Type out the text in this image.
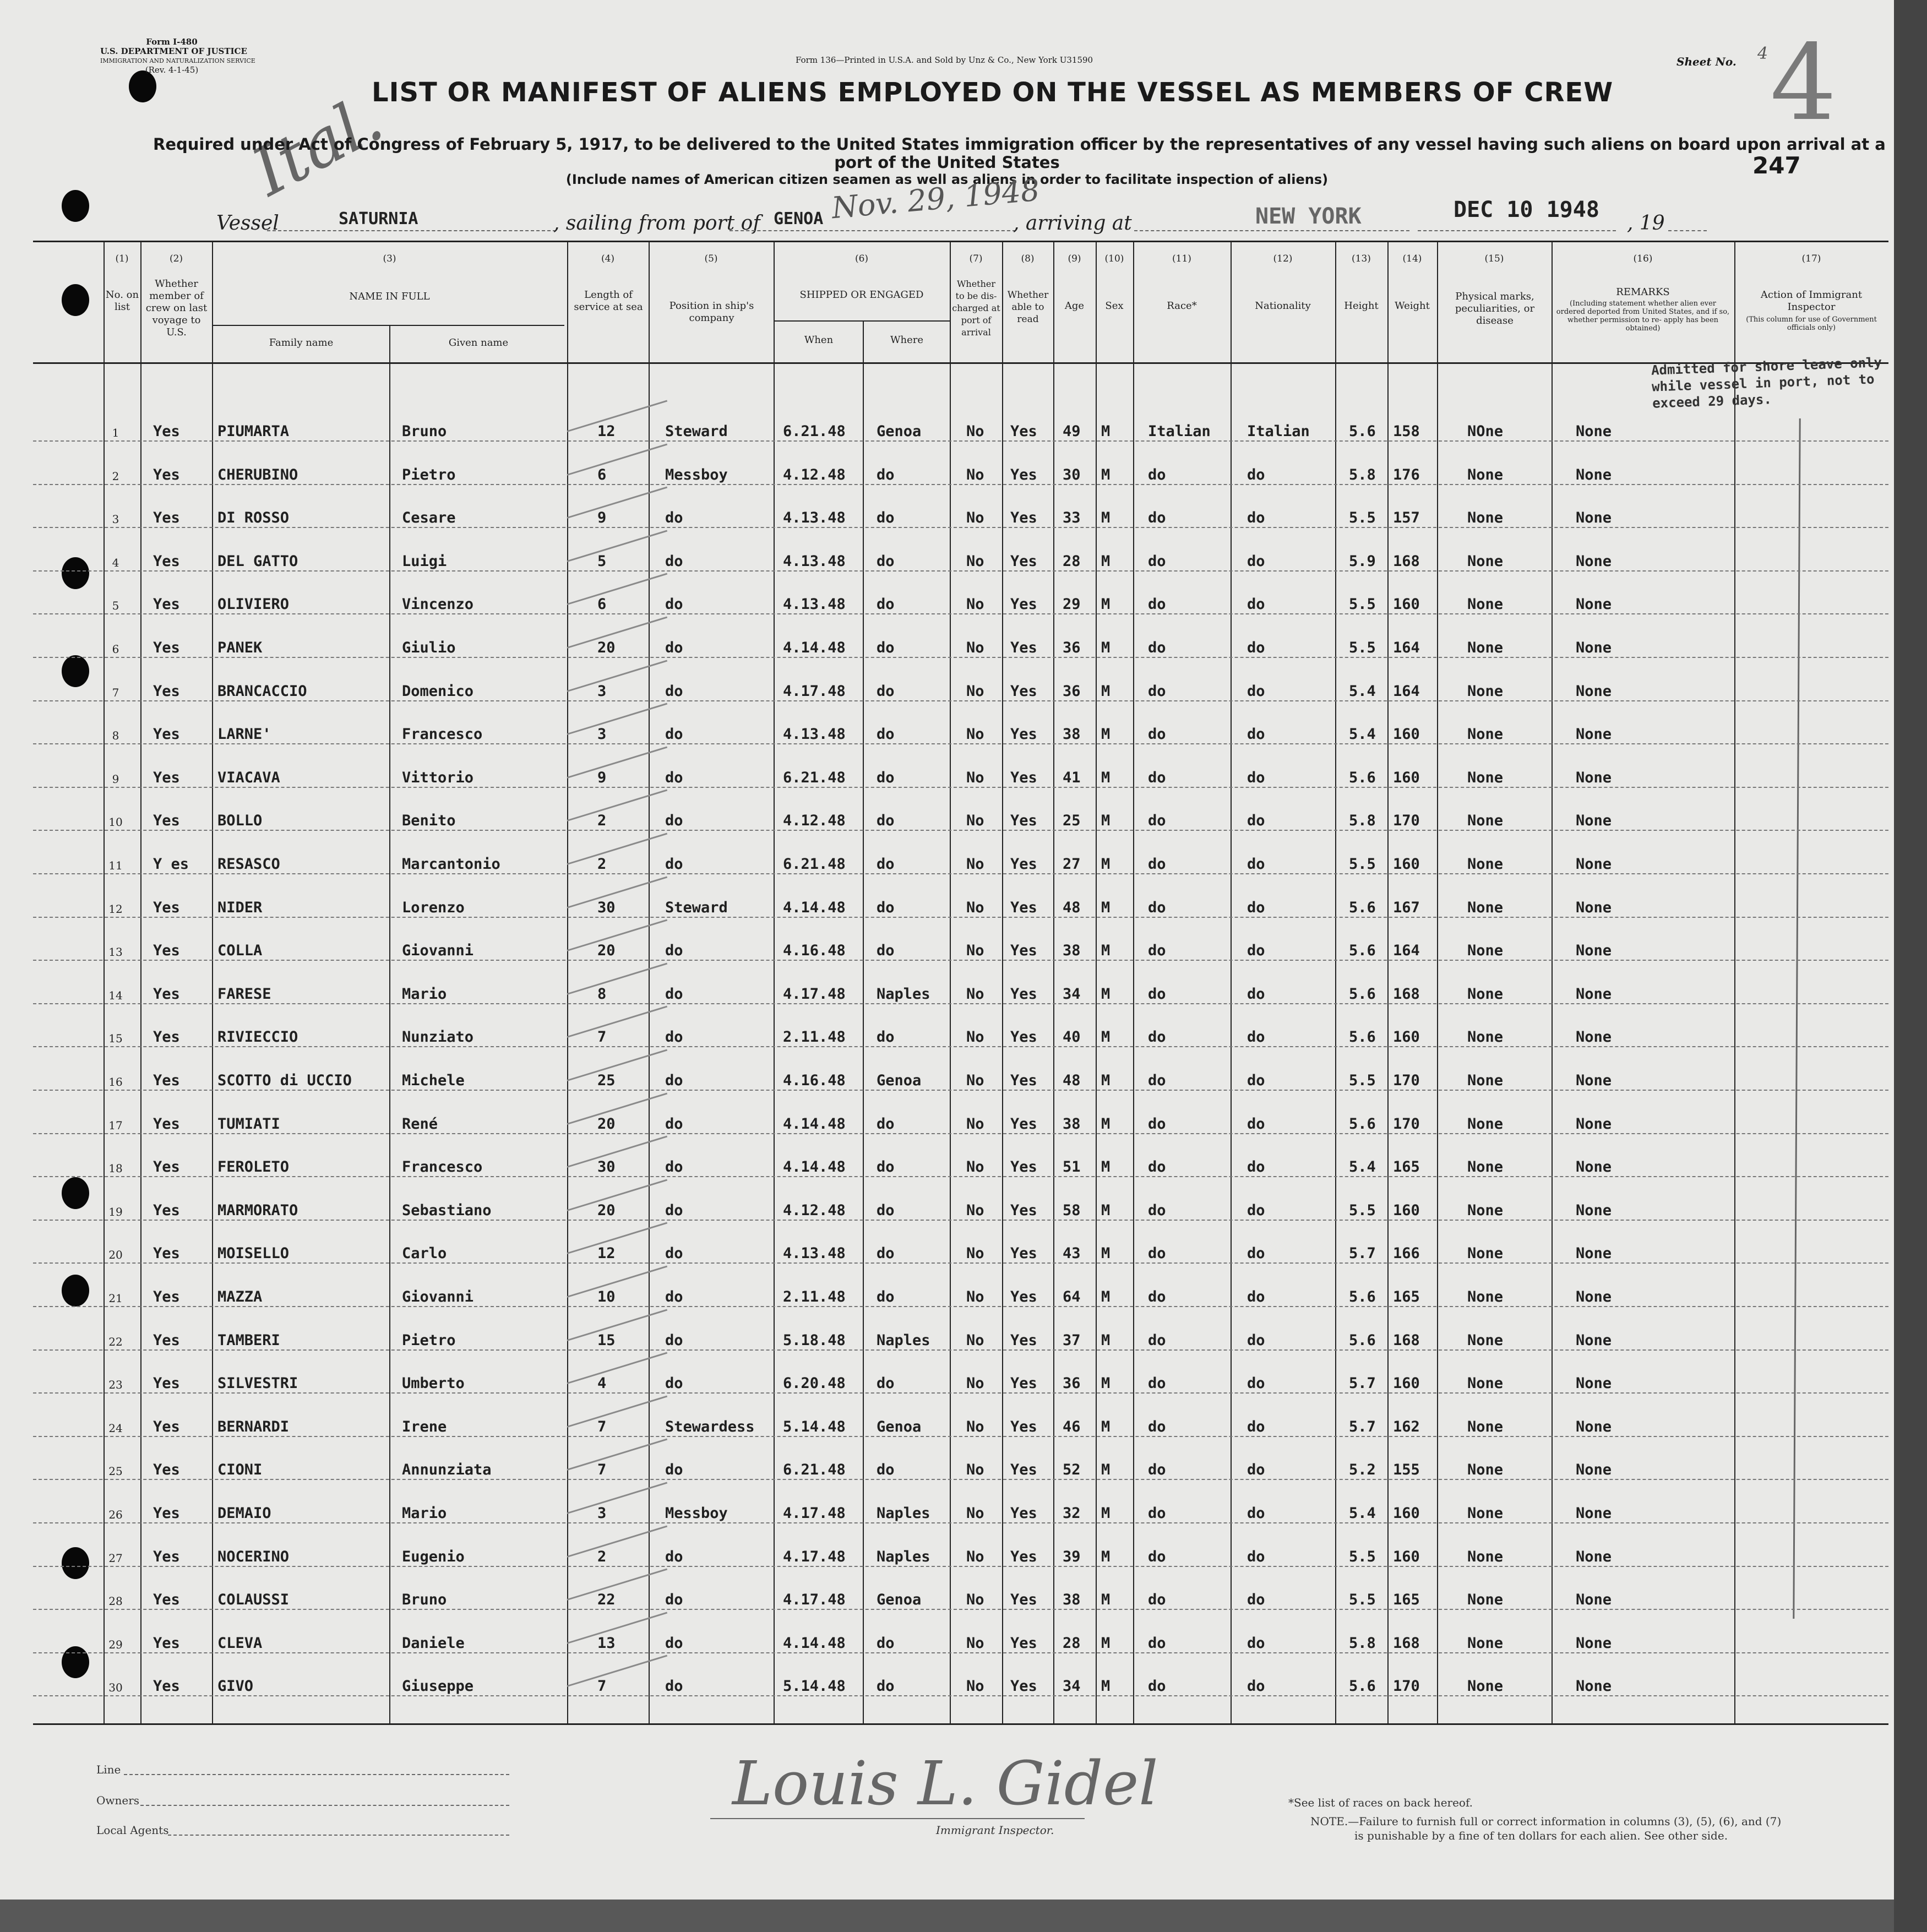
Form I-480
U.S. DEPARTMENT OF JUSTICE
IMMIGRATION AND NATURALIZATION SERVICE
(Rev. 4-1-45)
Form 136—Printed in U.S.A. and Sold by Unz & Co., New York U31590	Sheet No. 4 4
247
Ital.
LIST OR MANIFEST OF ALIENS EMPLOYED ON THE VESSEL AS MEMBERS OF CREW
Required under Act of Congress of February 5, 1917, to be delivered to the United States immigration officer by the representatives of any vessel having such aliens on board upon arrival at a
port of the United States
(Include names of American citizen seamen as well as aliens in order to facilitate inspection of aliens)
Vessel	SATURNIA	, sailing from port of GENOA Nov. 29, 1948
, arriving at	NEW YORK	DEC 10 1948
, 19
(1)	(2)	(3)	(4)	(5)	(6)	(7)	(8)	(9)	(10)	(11)	(12)	(13)	(14)	(15)	(16)	(17)
No. on list
Whether member of crew on last voyage to U.S.
NAME IN FULL
Family name	Given name
Length of service at sea	Position in ship's company
SHIPPED OR ENGAGED
When	Where
Whether to be dis- charged at port of arrival
Whether able to read
Age	Sex	Race*	Nationality	Height	Weight
Physical marks, peculiarities, or disease
REMARKS
(Including statement whether alien ever ordered deported from United States, and if so, whether permission to re- apply has been obtained)
Action of Immigrant Inspector
(This column for use of Government officials only)
Admitted for shore leave only while vessel in port, not to exceed 29 days.
1	Yes	PIUMARTA	Bruno	12	Steward	6.21.48 Genoa	No Yes 49 M	Italian Italian	5.6 158	NOne	None
2	Yes	CHERUBINO	Pietro	6	Messboy	4.12.48 do	No Yes 30 M	do	do	5.8 176	None	None
3	Yes	DI ROSSO	Cesare	9	do	4.13.48 do	No Yes 33 M	do	do	5.5 157	None	None
4	Yes	DEL GATTO	Luigi	5	do	4.13.48 do	No Yes 28 M	do	do	5.9 168	None	None
5	Yes	OLIVIERO	Vincenzo	6	do	4.13.48 do	No Yes 29 M	do	do	5.5 160	None	None
6	Yes	PANEK	Giulio	20	do	4.14.48 do	No Yes 36 M	do	do	5.5 164	None	None
7	Yes	BRANCACCIO	Domenico	3	do	4.17.48 do	No Yes 36 M	do	do	5.4 164	None	None
8	Yes	LARNE'	Francesco	3	do	4.13.48 do	No Yes 38 M	do	do	5.4 160	None	None
9	Yes	VIACAVA	Vittorio	9	do	6.21.48 do	No Yes 41 M	do	do	5.6 160	None	None
10 Yes	BOLLO	Benito	2	do	4.12.48 do	No Yes 25 M	do	do	5.8 170	None	None
11 Y es RESASCO	Marcantonio	2	do	6.21.48 do	No Yes 27 M	do	do	5.5 160	None	None
12 Yes	NIDER	Lorenzo	30	Steward	4.14.48 do	No Yes 48 M	do	do	5.6 167	None	None
13 Yes	COLLA	Giovanni	20	do	4.16.48 do	No Yes 38 M	do	do	5.6 164	None	None
14 Yes	FARESE	Mario	8	do	4.17.48 Naples No Yes 34 M	do	do	5.6 168	None	None
15 Yes	RIVIECCIO	Nunziato	7	do	2.11.48 do	No Yes 40 M	do	do	5.6 160	None	None
16 Yes	SCOTTO di UCCIO	Michele	25	do	4.16.48 Genoa	No Yes 48 M	do	do	5.5 170	None	None
17 Yes	TUMIATI	René	20	do	4.14.48 do	No Yes 38 M	do	do	5.6 170	None	None
18 Yes	FEROLETO	Francesco	30	do	4.14.48 do	No Yes 51 M	do	do	5.4 165	None	None
19 Yes	MARMORATO	Sebastiano	20	do	4.12.48 do	No Yes 58 M	do	do	5.5 160	None	None
20 Yes	MOISELLO	Carlo	12	do	4.13.48 do	No Yes 43 M	do	do	5.7 166	None	None
21 Yes	MAZZA	Giovanni	10	do	2.11.48 do	No Yes 64 M	do	do	5.6 165	None	None
22 Yes	TAMBERI	Pietro	15	do	5.18.48 Naples No Yes 37 M	do	do	5.6 168	None	None
23 Yes	SILVESTRI	Umberto	4	do	6.20.48 do	No Yes 36 M	do	do	5.7 160	None	None
24 Yes	BERNARDI	Irene	7	Stewardess 5.14.48 Genoa	No Yes 46 M	do	do	5.7 162	None	None
25 Yes	CIONI	Annunziata	7	do	6.21.48 do	No Yes 52 M	do	do	5.2 155	None	None
26 Yes	DEMAIO	Mario	3	Messboy	4.17.48 Naples No Yes 32 M	do	do	5.4 160	None	None
27 Yes	NOCERINO	Eugenio	2	do	4.17.48 Naples No Yes 39 M	do	do	5.5 160	None	None
28 Yes	COLAUSSI	Bruno	22	do	4.17.48 Genoa	No Yes 38 M	do	do	5.5 165	None	None
29 Yes	CLEVA	Daniele	13	do	4.14.48 do	No Yes 28 M	do	do	5.8 168	None	None
30 Yes	GIVO	Giuseppe	7	do	5.14.48 do	No Yes 34 M	do	do	5.6 170	None	None
Line
Owners
Local Agents
Louis L. Gidel
Immigrant Inspector.
*See list of races on back hereof.
NOTE.—Failure to furnish full or correct information in columns (3), (5), (6), and (7)
is punishable by a fine of ten dollars for each alien. See other side.
